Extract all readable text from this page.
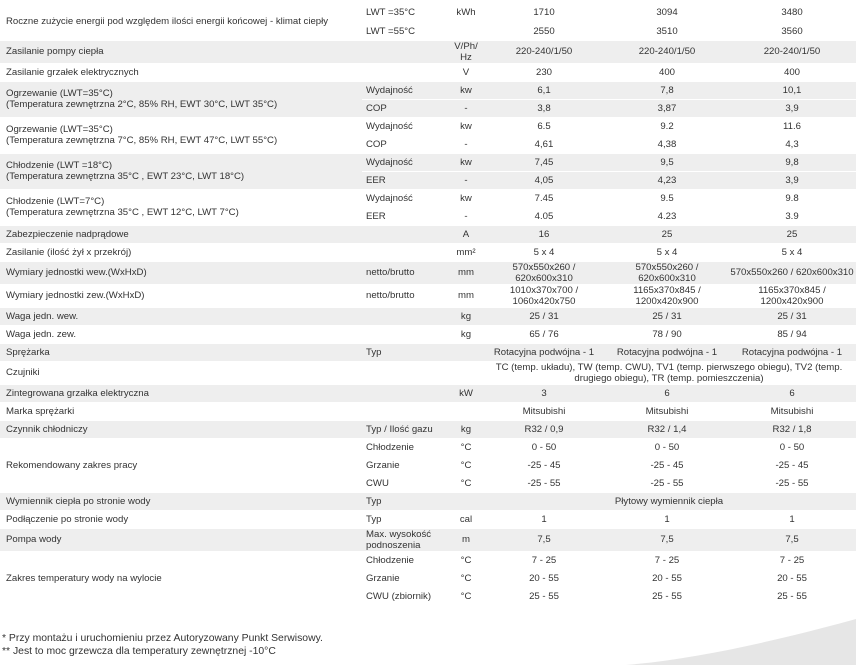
Roczne zużycie energii pod względem ilości energii końcowej - klimat ciepły	LWT =35°C	kWh	1710	3094	3480
	LWT =55°C		2550	3510	3560

Zasilanie pompy ciepła		V/Ph/ Hz	220-240/1/50	220-240/1/50	220-240/1/50

Zasilanie grzałek elektrycznych		V	230	400	400

Ogrzewanie (LWT=35°C)
(Temperatura zewnętrzna 2°C, 85% RH, EWT 30°C, LWT 35°C)	Wydajność	kw	6,1	7,8	10,1
	COP	-	3,8	3,87	3,9

Ogrzewanie (LWT=35°C)
(Temperatura zewnętrzna 7°C, 85% RH, EWT 47°C, LWT 55°C)	Wydajność	kw	6.5	9.2	11.6
	COP	-	4,61	4,38	4,3

Chłodzenie (LWT =18°C)
(Temperatura zewnętrzna 35°C , EWT 23°C, LWT 18°C)	Wydajność	kw	7,45	9,5	9,8
	EER	-	4,05	4,23	3,9

Chłodzenie (LWT=7°C)
(Temperatura zewnętrzna 35°C , EWT 12°C, LWT 7°C)	Wydajność	kw	7.45	9.5	9.8
	EER	-	4.05	4.23	3.9

Zabezpieczenie nadprądowe		A	16	25	25

Zasilanie (ilość żył x przekrój)		mm²	5 x 4	5 x 4	5 x 4

Wymiary jednostki wew.(WxHxD)	netto/brutto	mm	570x550x260 / 620x600x310	570x550x260 / 620x600x310	570x550x260 / 620x600x310

Wymiary jednostki zew.(WxHxD)	netto/brutto	mm	1010x370x700 / 1060x420x750	1165x370x845 / 1200x420x900	1165x370x845 / 1200x420x900

Waga jedn. wew.		kg	25 / 31	25 / 31	25 / 31

Waga jedn. zew.		kg	65 / 76	78 / 90	85 / 94

Sprężarka	Typ		Rotacyjna podwójna - 1	Rotacyjna podwójna - 1	Rotacyjna podwójna - 1

Czujniki			TC (temp. układu), TW (temp. CWU), TV1 (temp. pierwszego obiegu), TV2 (temp. drugiego obiegu), TR (temp. pomieszczenia)		

Zintegrowana grzałka elektryczna		kW	3	6	6

Marka sprężarki			Mitsubishi	Mitsubishi	Mitsubishi

Czynnik chłodniczy	Typ / Ilość gazu	kg	R32 / 0,9	R32 / 1,4	R32 / 1,8

Rekomendowany zakres pracy	Chłodzenie	°C	0 - 50	0 - 50	0 - 50
	Grzanie	°C	-25 - 45	-25 - 45	-25 - 45
	CWU	°C	-25 - 55	-25 - 55	-25 - 55

Wymiennik ciepła po stronie wody	Typ		Płytowy wymiennik ciepła		

Podłączenie po stronie wody	Typ	cal	1	1	1

Pompa wody	Max. wysokość podnoszenia	m	7,5	7,5	7,5

Zakres temperatury wody na wylocie	Chłodzenie	°C	7 - 25	7 - 25	7 - 25
	Grzanie	°C	20 - 55	20 - 55	20 - 55
	CWU (zbiornik)	°C	25 - 55	25 - 55	25 - 55
* Przy montażu i uruchomieniu przez Autoryzowany Punkt Serwisowy.
** Jest to moc grzewcza dla temperatury zewnętrznej -10°C
